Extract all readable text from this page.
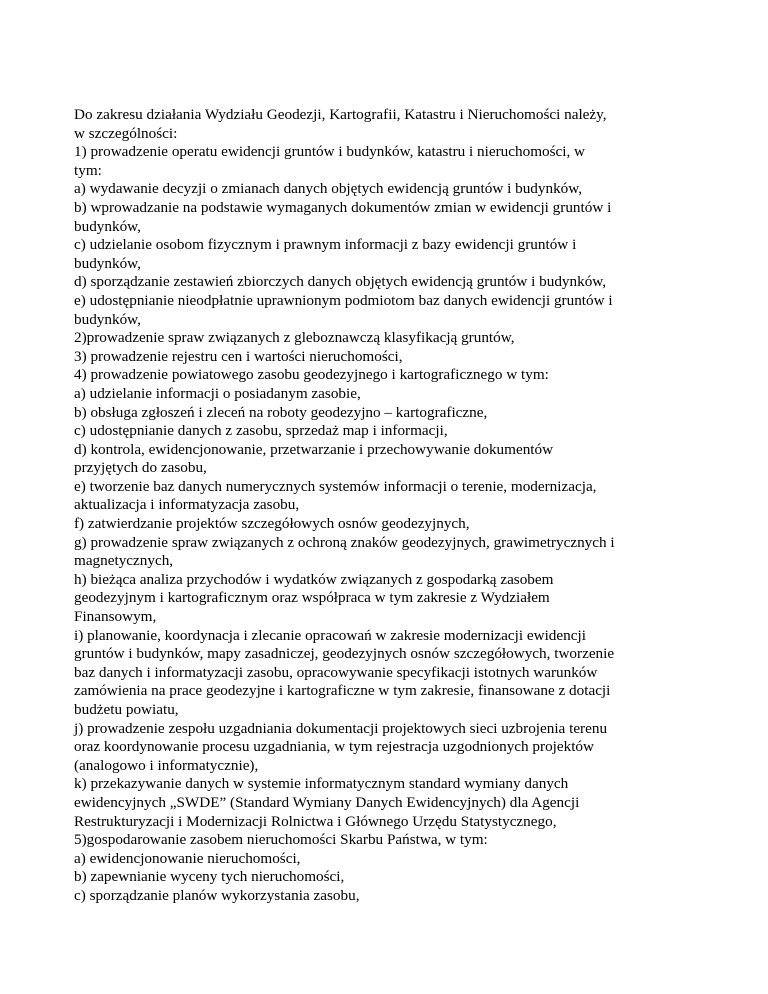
Do zakresu działania Wydziału Geodezji, Kartografii, Katastru i Nieruchomości należy,
w szczególności:
1) prowadzenie operatu ewidencji gruntów i budynków, katastru i nieruchomości, w
tym:
a) wydawanie decyzji o zmianach danych objętych ewidencją gruntów i budynków,
b) wprowadzanie na podstawie wymaganych dokumentów zmian w ewidencji gruntów i
budynków,
c) udzielanie osobom fizycznym i prawnym informacji z bazy ewidencji gruntów i
budynków,
d) sporządzanie zestawień zbiorczych danych objętych ewidencją gruntów i budynków,
e) udostępnianie nieodpłatnie uprawnionym podmiotom baz danych ewidencji gruntów i
budynków,
2)prowadzenie spraw związanych z gleboznawczą klasyfikacją gruntów,
3) prowadzenie rejestru cen i wartości nieruchomości,
4) prowadzenie powiatowego zasobu geodezyjnego i kartograficznego w tym:
a) udzielanie informacji o posiadanym zasobie,
b) obsługa zgłoszeń i zleceń na roboty geodezyjno – kartograficzne,
c) udostępnianie danych z zasobu, sprzedaż map i informacji,
d) kontrola, ewidencjonowanie, przetwarzanie i przechowywanie dokumentów
przyjętych do zasobu,
e) tworzenie baz danych numerycznych systemów informacji o terenie, modernizacja,
aktualizacja i informatyzacja zasobu,
f) zatwierdzanie projektów szczegółowych osnów geodezyjnych,
g) prowadzenie spraw związanych z ochroną znaków geodezyjnych, grawimetrycznych i
magnetycznych,
h) bieżąca analiza przychodów i wydatków związanych z gospodarką zasobem
geodezyjnym i kartograficznym oraz współpraca w tym zakresie z Wydziałem
Finansowym,
i) planowanie, koordynacja i zlecanie opracowań w zakresie modernizacji ewidencji
gruntów i budynków, mapy zasadniczej, geodezyjnych osnów szczegółowych, tworzenie
baz danych i informatyzacji zasobu, opracowywanie specyfikacji istotnych warunków
zamówienia na prace geodezyjne i kartograficzne w tym zakresie, finansowane z dotacji
budżetu powiatu,
j) prowadzenie zespołu uzgadniania dokumentacji projektowych sieci uzbrojenia terenu
oraz koordynowanie procesu uzgadniania, w tym rejestracja uzgodnionych projektów
(analogowo i informatycznie),
k) przekazywanie danych w systemie informatycznym standard wymiany danych
ewidencyjnych „SWDE” (Standard Wymiany Danych Ewidencyjnych) dla Agencji
Restrukturyzacji i Modernizacji Rolnictwa i Głównego Urzędu Statystycznego,
5)gospodarowanie zasobem nieruchomości Skarbu Państwa, w tym:
a) ewidencjonowanie nieruchomości,
b) zapewnianie wyceny tych nieruchomości,
c) sporządzanie planów wykorzystania zasobu,
